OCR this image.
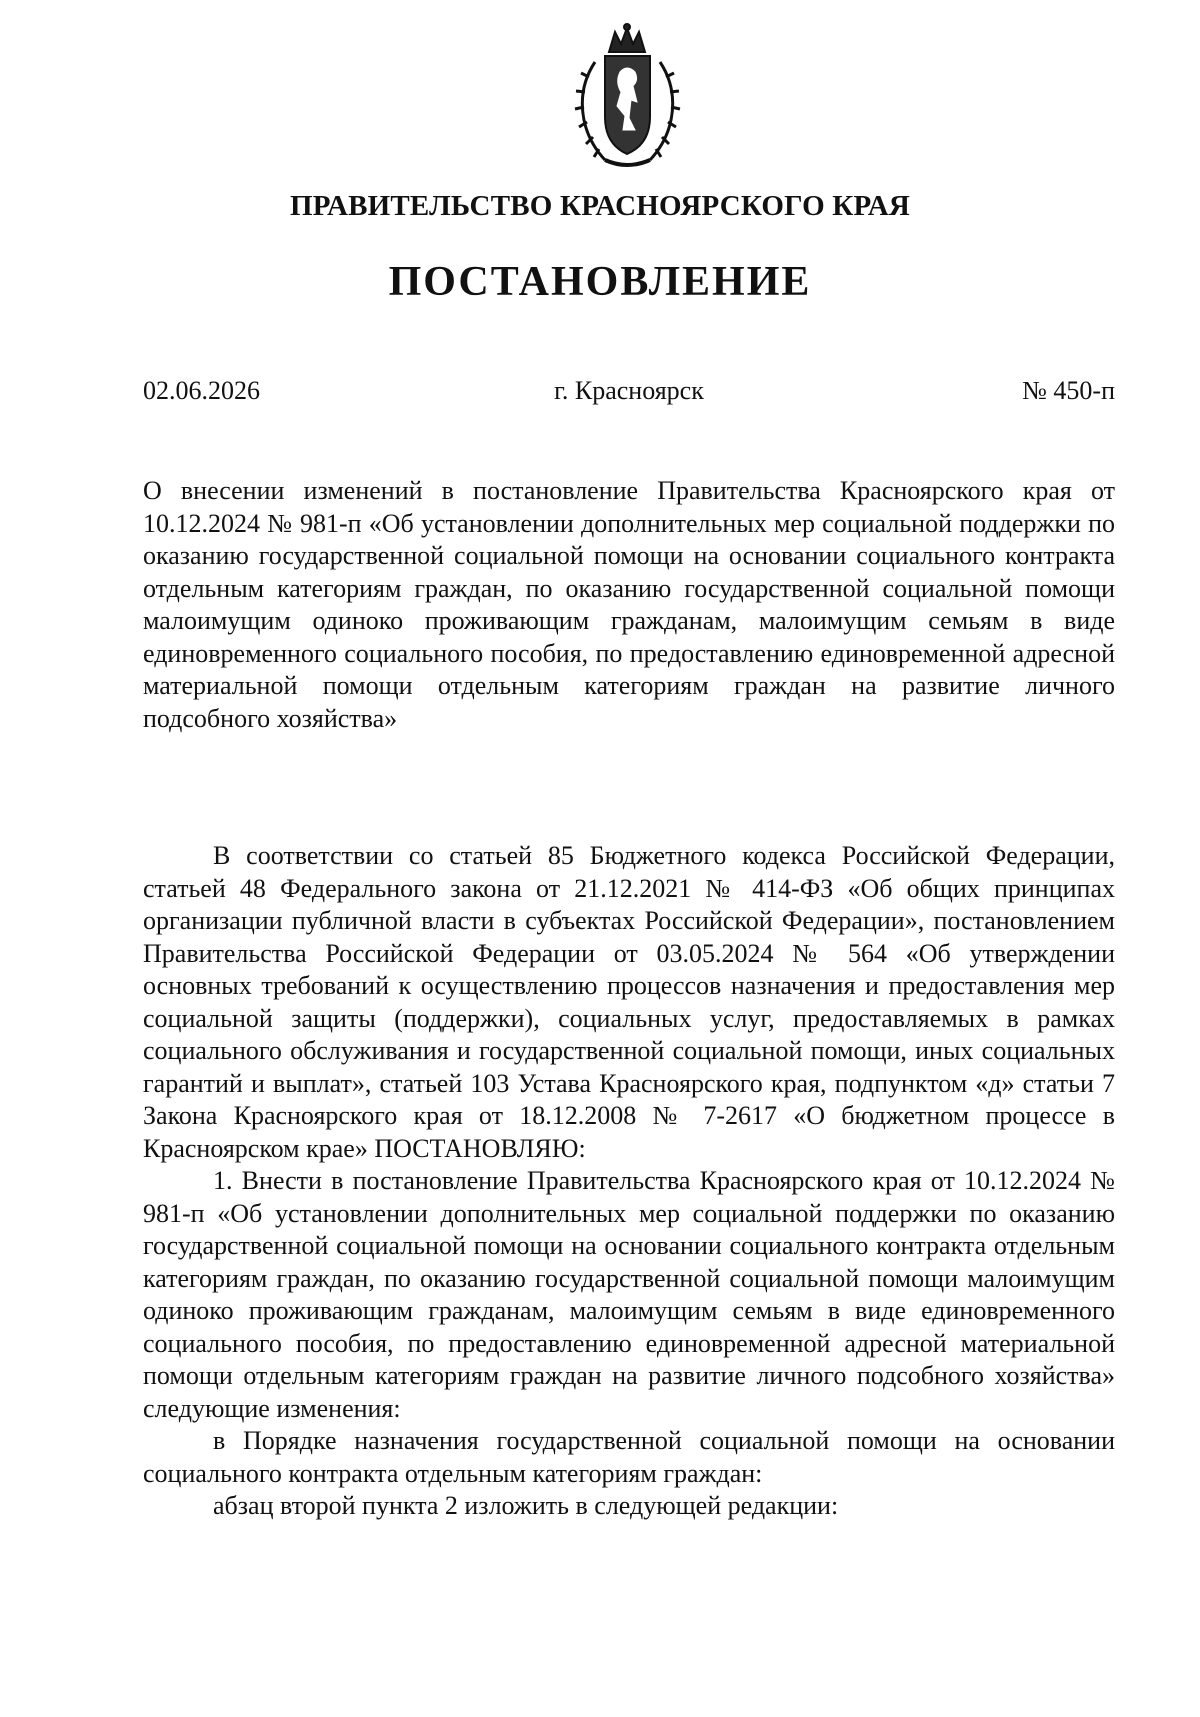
ПРАВИТЕЛЬСТВО КРАСНОЯРСКОГО КРАЯ
ПОСТАНОВЛЕНИЕ
г. Красноярск
02.06.2026	№ 450-п

О внесении изменений в постановление Правительства Красноярского края от 10.12.2024 № 981-п «Об установлении дополнительных мер социальной поддержки по оказанию государственной социальной помощи на основании социального контракта отдельным категориям граждан, по оказанию государственной социальной помощи малоимущим одиноко проживающим гражданам, малоимущим семьям в виде единовременного социального пособия, по предоставлению единовременной адресной материальной помощи отдельным категориям граждан на развитие личного подсобного хозяйства»

В соответствии со статьей 85 Бюджетного кодекса Российской Федерации, статьей 48 Федерального закона от 21.12.2021 № 414-ФЗ «Об общих принципах организации публичной власти в субъектах Российской Федерации», постановлением Правительства Российской Федерации от 03.05.2024 № 564 «Об утверждении основных требований к осуществлению процессов назначения и предоставления мер социальной защиты (поддержки), социальных услуг, предоставляемых в рамках социального обслуживания и государственной социальной помощи, иных социальных гарантий и выплат», статьей 103 Устава Красноярского края, подпунктом «д» статьи 7 Закона Красноярского края от 18.12.2008 № 7-2617 «О бюджетном процессе в Красноярском крае» ПОСТАНОВЛЯЮ:

1. Внести в постановление Правительства Красноярского края от 10.12.2024 № 981-п «Об установлении дополнительных мер социальной поддержки по оказанию государственной социальной помощи на основании социального контракта отдельным категориям граждан, по оказанию государственной социальной помощи малоимущим одиноко проживающим гражданам, малоимущим семьям в виде единовременного социального пособия, по предоставлению единовременной адресной материальной помощи отдельным категориям граждан на развитие личного подсобного хозяйства» следующие изменения:

в Порядке назначения государственной социальной помощи на основании социального контракта отдельным категориям граждан:

абзац второй пункта 2 изложить в следующей редакции:
